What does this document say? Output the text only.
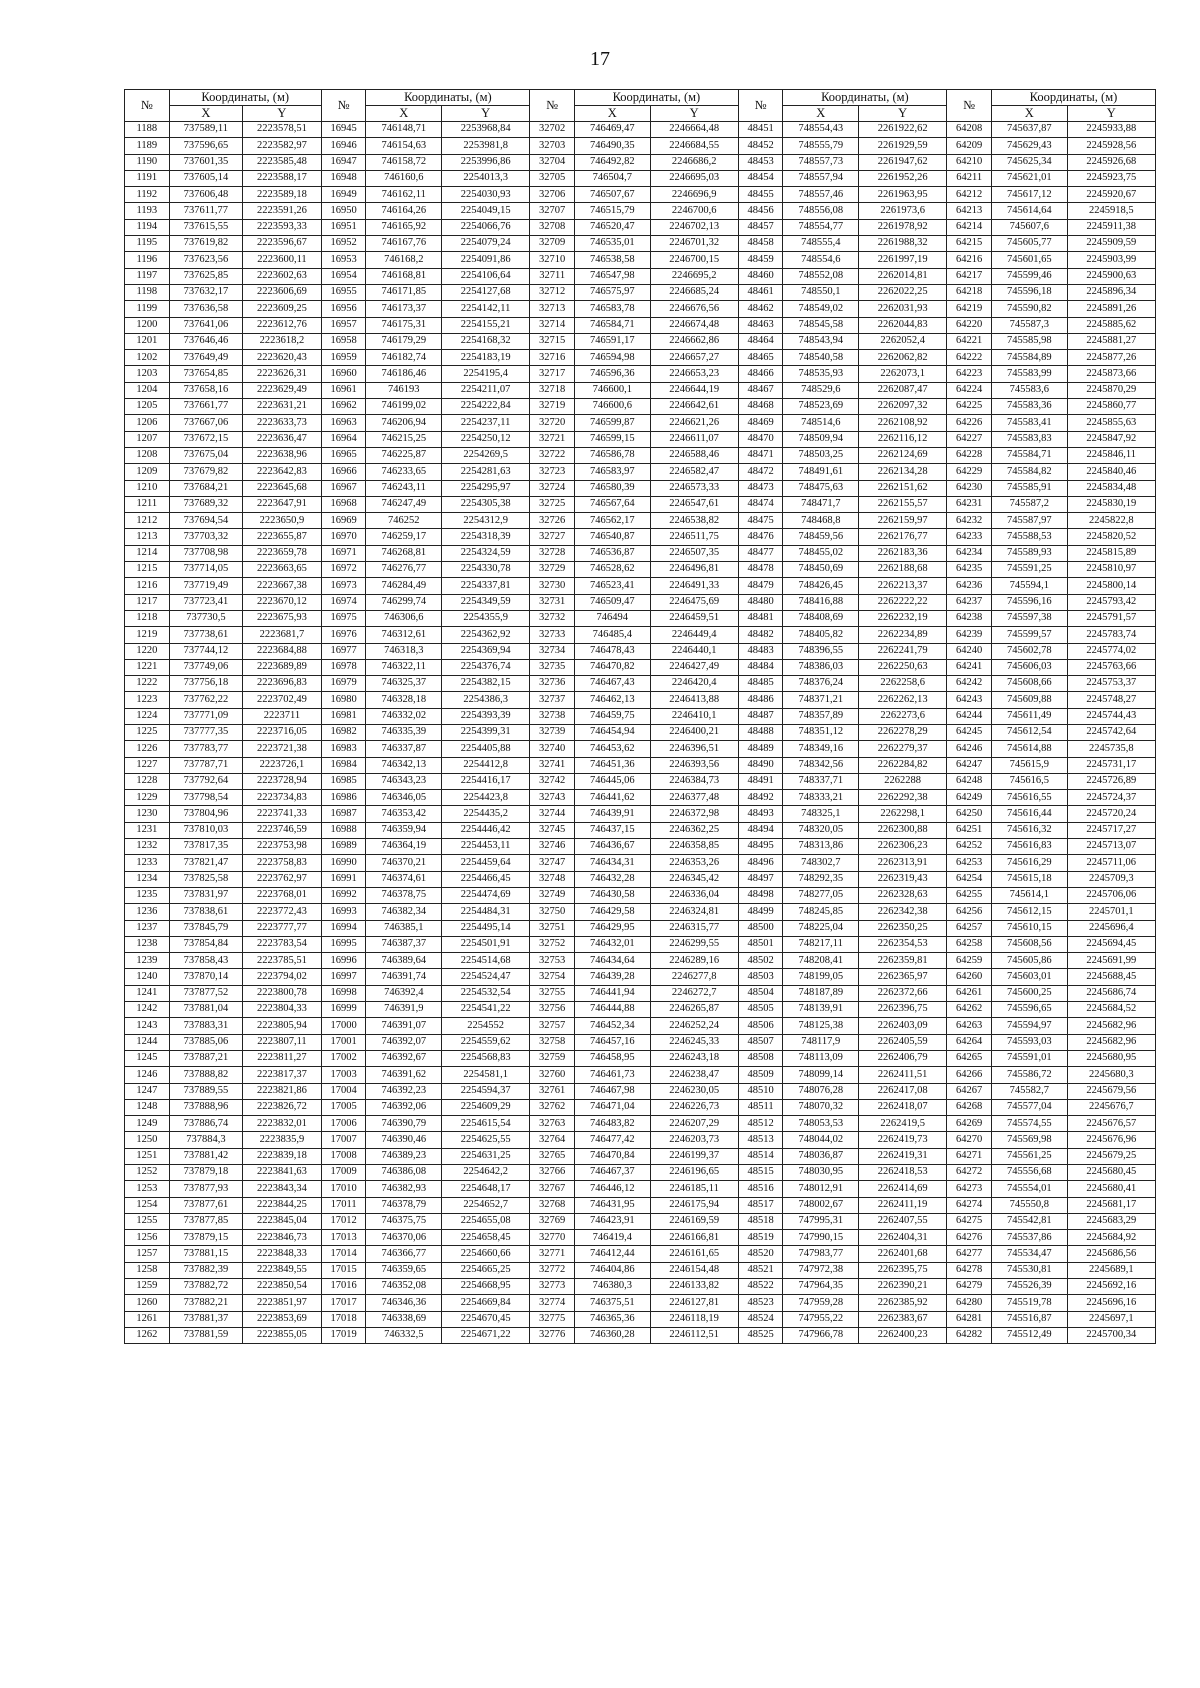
17
№	Координаты, (м)		№	Координаты, (м)		№	Координаты, (м)		№	Координаты, (м)		№	Координаты, (м)	
	X	Y		X	Y		X	Y		X	Y		X	Y
1188	737589,11	2223578,51	16945	746148,71	2253968,84	32702	746469,47	2246664,48	48451	748554,43	2261922,62	64208	745637,87	2245933,88
1189	737596,65	2223582,97	16946	746154,63	2253981,8	32703	746490,35	2246684,55	48452	748555,79	2261929,59	64209	745629,43	2245928,56
1190	737601,35	2223585,48	16947	746158,72	2253996,86	32704	746492,82	2246686,2	48453	748557,73	2261947,62	64210	745625,34	2245926,68
1191	737605,14	2223588,17	16948	746160,6	2254013,3	32705	746504,7	2246695,03	48454	748557,94	2261952,26	64211	745621,01	2245923,75
1192	737606,48	2223589,18	16949	746162,11	2254030,93	32706	746507,67	2246696,9	48455	748557,46	2261963,95	64212	745617,12	2245920,67
1193	737611,77	2223591,26	16950	746164,26	2254049,15	32707	746515,79	2246700,6	48456	748556,08	2261973,6	64213	745614,64	2245918,5
1194	737615,55	2223593,33	16951	746165,92	2254066,76	32708	746520,47	2246702,13	48457	748554,77	2261978,92	64214	745607,6	2245911,38
1195	737619,82	2223596,67	16952	746167,76	2254079,24	32709	746535,01	2246701,32	48458	748555,4	2261988,32	64215	745605,77	2245909,59
1196	737623,56	2223600,11	16953	746168,2	2254091,86	32710	746538,58	2246700,15	48459	748554,6	2261997,19	64216	745601,65	2245903,99
1197	737625,85	2223602,63	16954	746168,81	2254106,64	32711	746547,98	2246695,2	48460	748552,08	2262014,81	64217	745599,46	2245900,63
1198	737632,17	2223606,69	16955	746171,85	2254127,68	32712	746575,97	2246685,24	48461	748550,1	2262022,25	64218	745596,18	2245896,34
1199	737636,58	2223609,25	16956	746173,37	2254142,11	32713	746583,78	2246676,56	48462	748549,02	2262031,93	64219	745590,82	2245891,26
1200	737641,06	2223612,76	16957	746175,31	2254155,21	32714	746584,71	2246674,48	48463	748545,58	2262044,83	64220	745587,3	2245885,62
1201	737646,46	2223618,2	16958	746179,29	2254168,32	32715	746591,17	2246662,86	48464	748543,94	2262052,4	64221	745585,98	2245881,27
1202	737649,49	2223620,43	16959	746182,74	2254183,19	32716	746594,98	2246657,27	48465	748540,58	2262062,82	64222	745584,89	2245877,26
1203	737654,85	2223626,31	16960	746186,46	2254195,4	32717	746596,36	2246653,23	48466	748535,93	2262073,1	64223	745583,99	2245873,66
1204	737658,16	2223629,49	16961	746193	2254211,07	32718	746600,1	2246644,19	48467	748529,6	2262087,47	64224	745583,6	2245870,29
1205	737661,77	2223631,21	16962	746199,02	2254222,84	32719	746600,6	2246642,61	48468	748523,69	2262097,32	64225	745583,36	2245860,77
1206	737667,06	2223633,73	16963	746206,94	2254237,11	32720	746599,87	2246621,26	48469	748514,6	2262108,92	64226	745583,41	2245855,63
1207	737672,15	2223636,47	16964	746215,25	2254250,12	32721	746599,15	2246611,07	48470	748509,94	2262116,12	64227	745583,83	2245847,92
1208	737675,04	2223638,96	16965	746225,87	2254269,5	32722	746586,78	2246588,46	48471	748503,25	2262124,69	64228	745584,71	2245846,11
1209	737679,82	2223642,83	16966	746233,65	2254281,63	32723	746583,97	2246582,47	48472	748491,61	2262134,28	64229	745584,82	2245840,46
1210	737684,21	2223645,68	16967	746243,11	2254295,97	32724	746580,39	2246573,33	48473	748475,63	2262151,62	64230	745585,91	2245834,48
1211	737689,32	2223647,91	16968	746247,49	2254305,38	32725	746567,64	2246547,61	48474	748471,7	2262155,57	64231	745587,2	2245830,19
1212	737694,54	2223650,9	16969	746252	2254312,9	32726	746562,17	2246538,82	48475	748468,8	2262159,97	64232	745587,97	2245822,8
1213	737703,32	2223655,87	16970	746259,17	2254318,39	32727	746540,87	2246511,75	48476	748459,56	2262176,77	64233	745588,53	2245820,52
1214	737708,98	2223659,78	16971	746268,81	2254324,59	32728	746536,87	2246507,35	48477	748455,02	2262183,36	64234	745589,93	2245815,89
1215	737714,05	2223663,65	16972	746276,77	2254330,78	32729	746528,62	2246496,81	48478	748450,69	2262188,68	64235	745591,25	2245810,97
1216	737719,49	2223667,38	16973	746284,49	2254337,81	32730	746523,41	2246491,33	48479	748426,45	2262213,37	64236	745594,1	2245800,14
1217	737723,41	2223670,12	16974	746299,74	2254349,59	32731	746509,47	2246475,69	48480	748416,88	2262222,22	64237	745596,16	2245793,42
1218	737730,5	2223675,93	16975	746306,6	2254355,9	32732	746494	2246459,51	48481	748408,69	2262232,19	64238	745597,38	2245791,57
1219	737738,61	2223681,7	16976	746312,61	2254362,92	32733	746485,4	2246449,4	48482	748405,82	2262234,89	64239	745599,57	2245783,74
1220	737744,12	2223684,88	16977	746318,3	2254369,94	32734	746478,43	2246440,1	48483	748396,55	2262241,79	64240	745602,78	2245774,02
1221	737749,06	2223689,89	16978	746322,11	2254376,74	32735	746470,82	2246427,49	48484	748386,03	2262250,63	64241	745606,03	2245763,66
1222	737756,18	2223696,83	16979	746325,37	2254382,15	32736	746467,43	2246420,4	48485	748376,24	2262258,6	64242	745608,66	2245753,37
1223	737762,22	2223702,49	16980	746328,18	2254386,3	32737	746462,13	2246413,88	48486	748371,21	2262262,13	64243	745609,88	2245748,27
1224	737771,09	2223711	16981	746332,02	2254393,39	32738	746459,75	2246410,1	48487	748357,89	2262273,6	64244	745611,49	2245744,43
1225	737777,35	2223716,05	16982	746335,39	2254399,31	32739	746454,94	2246400,21	48488	748351,12	2262278,29	64245	745612,54	2245742,64
1226	737783,77	2223721,38	16983	746337,87	2254405,88	32740	746453,62	2246396,51	48489	748349,16	2262279,37	64246	745614,88	2245735,8
1227	737787,71	2223726,1	16984	746342,13	2254412,8	32741	746451,36	2246393,56	48490	748342,56	2262284,82	64247	745615,9	2245731,17
1228	737792,64	2223728,94	16985	746343,23	2254416,17	32742	746445,06	2246384,73	48491	748337,71	2262288	64248	745616,5	2245726,89
1229	737798,54	2223734,83	16986	746346,05	2254423,8	32743	746441,62	2246377,48	48492	748333,21	2262292,38	64249	745616,55	2245724,37
1230	737804,96	2223741,33	16987	746353,42	2254435,2	32744	746439,91	2246372,98	48493	748325,1	2262298,1	64250	745616,44	2245720,24
1231	737810,03	2223746,59	16988	746359,94	2254446,42	32745	746437,15	2246362,25	48494	748320,05	2262300,88	64251	745616,32	2245717,27
1232	737817,35	2223753,98	16989	746364,19	2254453,11	32746	746436,67	2246358,85	48495	748313,86	2262306,23	64252	745616,83	2245713,07
1233	737821,47	2223758,83	16990	746370,21	2254459,64	32747	746434,31	2246353,26	48496	748302,7	2262313,91	64253	745616,29	2245711,06
1234	737825,58	2223762,97	16991	746374,61	2254466,45	32748	746432,28	2246345,42	48497	748292,35	2262319,43	64254	745615,18	2245709,3
1235	737831,97	2223768,01	16992	746378,75	2254474,69	32749	746430,58	2246336,04	48498	748277,05	2262328,63	64255	745614,1	2245706,06
1236	737838,61	2223772,43	16993	746382,34	2254484,31	32750	746429,58	2246324,81	48499	748245,85	2262342,38	64256	745612,15	2245701,1
1237	737845,79	2223777,77	16994	746385,1	2254495,14	32751	746429,95	2246315,77	48500	748225,04	2262350,25	64257	745610,15	2245696,4
1238	737854,84	2223783,54	16995	746387,37	2254501,91	32752	746432,01	2246299,55	48501	748217,11	2262354,53	64258	745608,56	2245694,45
1239	737858,43	2223785,51	16996	746389,64	2254514,68	32753	746434,64	2246289,16	48502	748208,41	2262359,81	64259	745605,86	2245691,99
1240	737870,14	2223794,02	16997	746391,74	2254524,47	32754	746439,28	2246277,8	48503	748199,05	2262365,97	64260	745603,01	2245688,45
1241	737877,52	2223800,78	16998	746392,4	2254532,54	32755	746441,94	2246272,7	48504	748187,89	2262372,66	64261	745600,25	2245686,74
1242	737881,04	2223804,33	16999	746391,9	2254541,22	32756	746444,88	2246265,87	48505	748139,91	2262396,75	64262	745596,65	2245684,52
1243	737883,31	2223805,94	17000	746391,07	2254552	32757	746452,34	2246252,24	48506	748125,38	2262403,09	64263	745594,97	2245682,96
1244	737885,06	2223807,11	17001	746392,07	2254559,62	32758	746457,16	2246245,33	48507	748117,9	2262405,59	64264	745593,03	2245682,96
1245	737887,21	2223811,27	17002	746392,67	2254568,83	32759	746458,95	2246243,18	48508	748113,09	2262406,79	64265	745591,01	2245680,95
1246	737888,82	2223817,37	17003	746391,62	2254581,1	32760	746461,73	2246238,47	48509	748099,14	2262411,51	64266	745586,72	2245680,3
1247	737889,55	2223821,86	17004	746392,23	2254594,37	32761	746467,98	2246230,05	48510	748076,28	2262417,08	64267	745582,7	2245679,56
1248	737888,96	2223826,72	17005	746392,06	2254609,29	32762	746471,04	2246226,73	48511	748070,32	2262418,07	64268	745577,04	2245676,7
1249	737886,74	2223832,01	17006	746390,79	2254615,54	32763	746483,82	2246207,29	48512	748053,53	2262419,5	64269	745574,55	2245676,57
1250	737884,3	2223835,9	17007	746390,46	2254625,55	32764	746477,42	2246203,73	48513	748044,02	2262419,73	64270	745569,98	2245676,96
1251	737881,42	2223839,18	17008	746389,23	2254631,25	32765	746470,84	2246199,37	48514	748036,87	2262419,31	64271	745561,25	2245679,25
1252	737879,18	2223841,63	17009	746386,08	2254642,2	32766	746467,37	2246196,65	48515	748030,95	2262418,53	64272	745556,68	2245680,45
1253	737877,93	2223843,34	17010	746382,93	2254648,17	32767	746446,12	2246185,11	48516	748012,91	2262414,69	64273	745554,01	2245680,41
1254	737877,61	2223844,25	17011	746378,79	2254652,7	32768	746431,95	2246175,94	48517	748002,67	2262411,19	64274	745550,8	2245681,17
1255	737877,85	2223845,04	17012	746375,75	2254655,08	32769	746423,91	2246169,59	48518	747995,31	2262407,55	64275	745542,81	2245683,29
1256	737879,15	2223846,73	17013	746370,06	2254658,45	32770	746419,4	2246166,81	48519	747990,15	2262404,31	64276	745537,86	2245684,92
1257	737881,15	2223848,33	17014	746366,77	2254660,66	32771	746412,44	2246161,65	48520	747983,77	2262401,68	64277	745534,47	2245686,56
1258	737882,39	2223849,55	17015	746359,65	2254665,25	32772	746404,86	2246154,48	48521	747972,38	2262395,75	64278	745530,81	2245689,1
1259	737882,72	2223850,54	17016	746352,08	2254668,95	32773	746380,3	2246133,82	48522	747964,35	2262390,21	64279	745526,39	2245692,16
1260	737882,21	2223851,97	17017	746346,36	2254669,84	32774	746375,51	2246127,81	48523	747959,28	2262385,92	64280	745519,78	2245696,16
1261	737881,37	2223853,69	17018	746338,69	2254670,45	32775	746365,36	2246118,19	48524	747955,22	2262383,67	64281	745516,87	2245697,1
1262	737881,59	2223855,05	17019	746332,5	2254671,22	32776	746360,28	2246112,51	48525	747966,78	2262400,23	64282	745512,49	2245700,34
